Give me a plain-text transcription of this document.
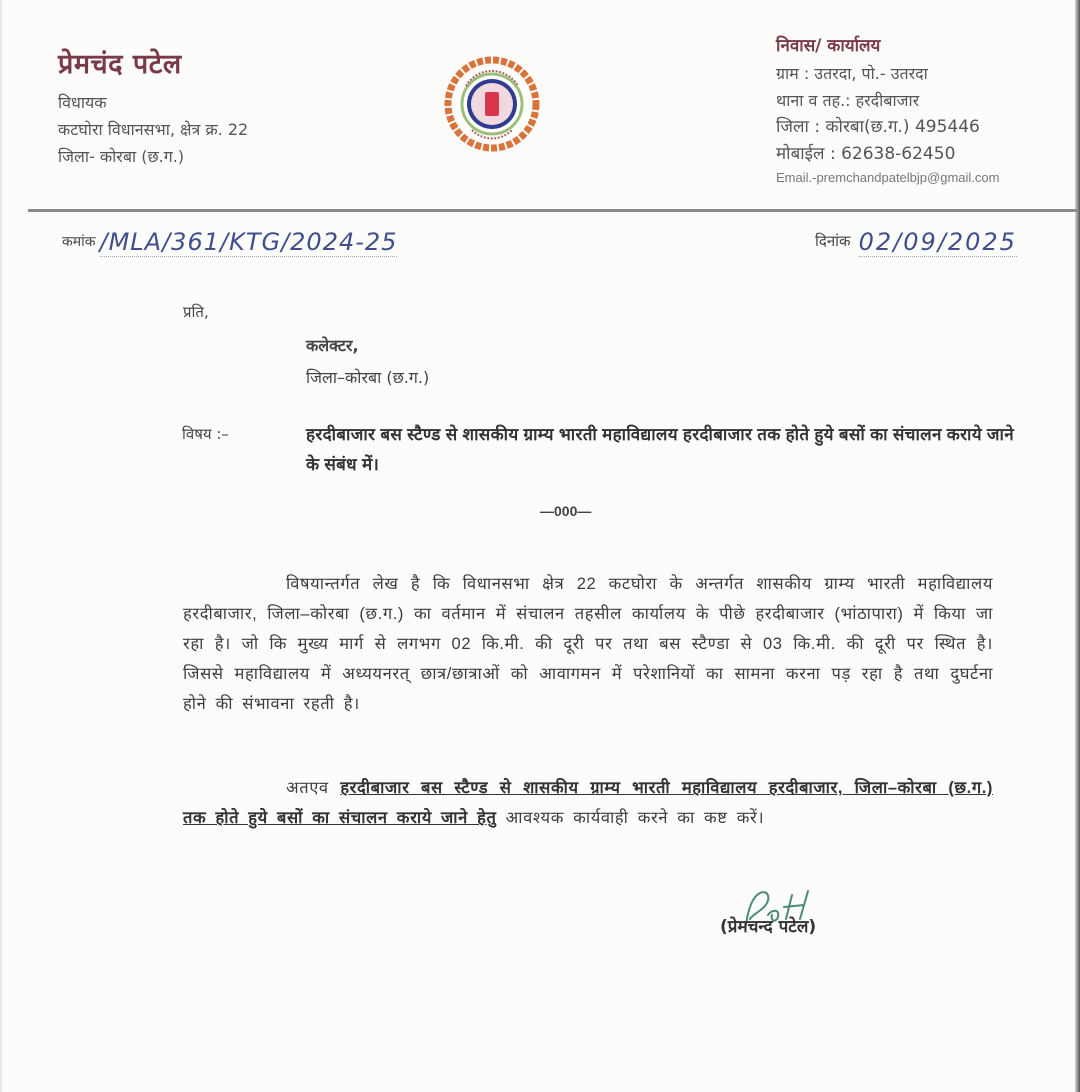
प्रेमचंद पटेल
विधायक
कटघोरा विधानसभा, क्षेत्र क्र. 22
जिला- कोरबा (छ.ग.)
निवास/ कार्यालय
ग्राम : उतरदा, पो.- उतरदा
थाना व तह.: हरदीबाजार
जिला : कोरबा(छ.ग.) 495446
मोबाईल : 62638-62450
Email.-premchandpatelbjp@gmail.com
कमांक /MLA/361/KTG/2024-25	दिनांक 02/09/2025
प्रति,
कलेक्टर,
जिला–कोरबा (छ.ग.)
विषय :–	हरदीबाजार बस स्टैण्ड से शासकीय ग्राम्य भारती महाविद्यालय हरदीबाजार तक होते हुये बसों का संचालन कराये जाने के संबंध में।
—000—
विषयान्तर्गत लेख है कि विधानसभा क्षेत्र 22 कटघोरा के अन्तर्गत शासकीय ग्राम्य भारती महाविद्यालय हरदीबाजार, जिला–कोरबा (छ.ग.) का वर्तमान में संचालन तहसील कार्यालय के पीछे हरदीबाजार (भांठापारा) में किया जा रहा है। जो कि मुख्य मार्ग से लगभग 02 कि.मी. की दूरी पर तथा बस स्टैण्डा से 03 कि.मी. की दूरी पर स्थित है। जिससे महाविद्यालय में अध्ययनरत् छात्र/छात्राओं को आवागमन में परेशानियों का सामना करना पड़ रहा है तथा दुघर्टना होने की संभावना रहती है।
अतएव हरदीबाजार बस स्टैण्ड से शासकीय ग्राम्य भारती महाविद्यालय हरदीबाजार, जिला–कोरबा (छ.ग.) तक होते हुये बसों का संचालन कराये जाने हेतु आवश्यक कार्यवाही करने का कष्ट करें।
(प्रेमचन्द पटेल)
